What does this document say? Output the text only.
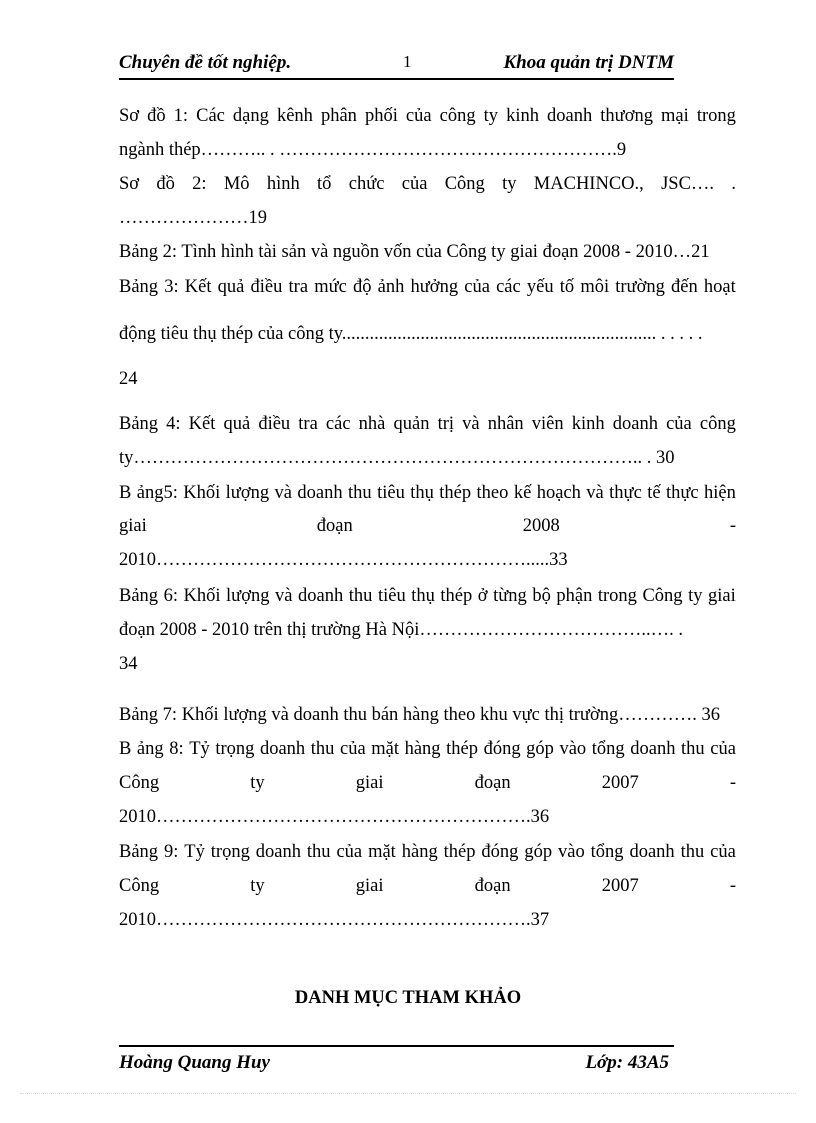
Chuyên đề tốt nghiệp.	1	Khoa quản trị DNTM
Sơ đồ 1: Các dạng kênh phân phối của công ty kinh doanh thương mại trong
ngành thép……….. . ……………………………………………….9
Sơ đồ 2: Mô hình tổ chức của Công ty MACHINCO., JSC…. .
…………………19
Bảng 2: Tình hình tài sản và nguồn vốn của Công ty giai đoạn 2008 - 2010…21
Bảng 3: Kết quả điều tra mức độ ảnh hưởng của các yếu tố môi trường đến hoạt
động tiêu thụ thép của công ty.................................................................... . . . . .
24
Bảng 4: Kết quả điều tra các nhà quản trị và nhân viên kinh doanh của công
ty……………………………………………………………………….. . 30
B ảng5: Khối lượng và doanh thu tiêu thụ thép theo kế hoạch và thực tế thực hiện
giai	đoạn	2008	-
2010…………………………………………………….....33
Bảng 6: Khối lượng và doanh thu tiêu thụ thép ở từng bộ phận trong Công ty giai
đoạn 2008 - 2010 trên thị trường Hà Nội………………………………..…. .
34
Bảng 7: Khối lượng và doanh thu bán hàng theo khu vực thị trường…………. 36
B ảng 8: Tỷ trọng doanh thu của mặt hàng thép đóng góp vào tổng doanh thu của
Công	ty	giai	đoạn	2007	-
2010…………………………………………………….36
Bảng 9: Tỷ trọng doanh thu của mặt hàng thép đóng góp vào tổng doanh thu của
Công	ty	giai	đoạn	2007	-
2010…………………………………………………….37
DANH MỤC THAM KHẢO
Hoàng Quang Huy	Lớp: 43A5
